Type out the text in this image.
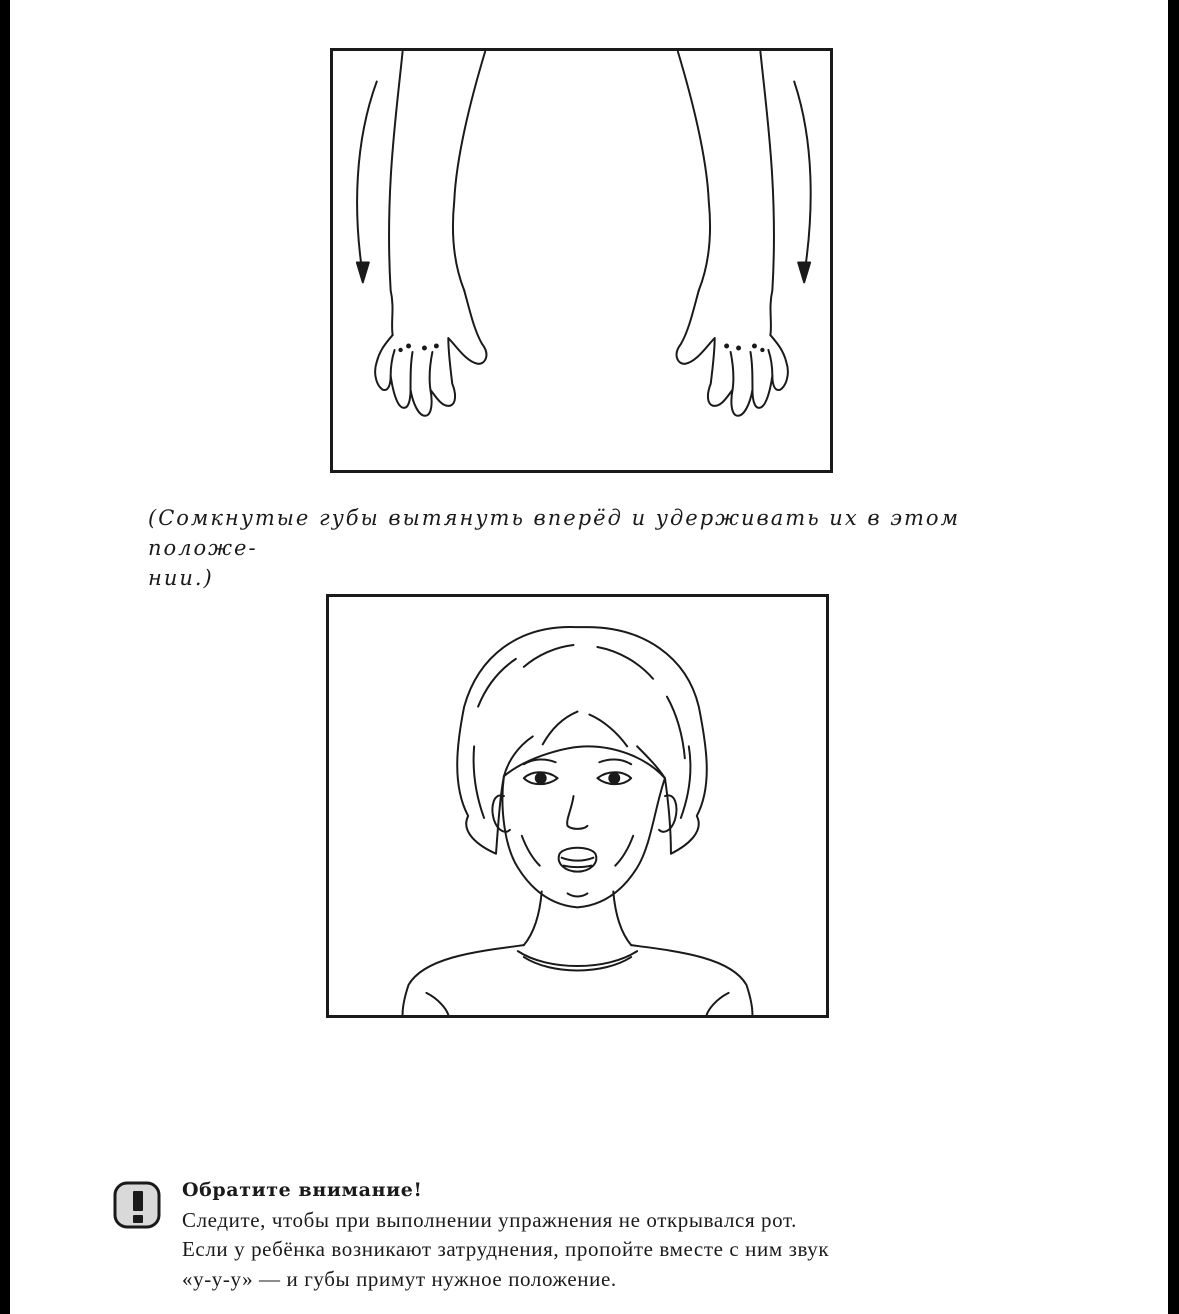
(Сомкнутые губы вытянуть вперёд и удерживать их в этом положе-
нии.)
Обратите внимание!
Следите, чтобы при выполнении упражнения не открывался рот.
Если у ребёнка возникают затруднения, пропойте вместе с ним звук
«у-у-у» — и губы примут нужное положение.
